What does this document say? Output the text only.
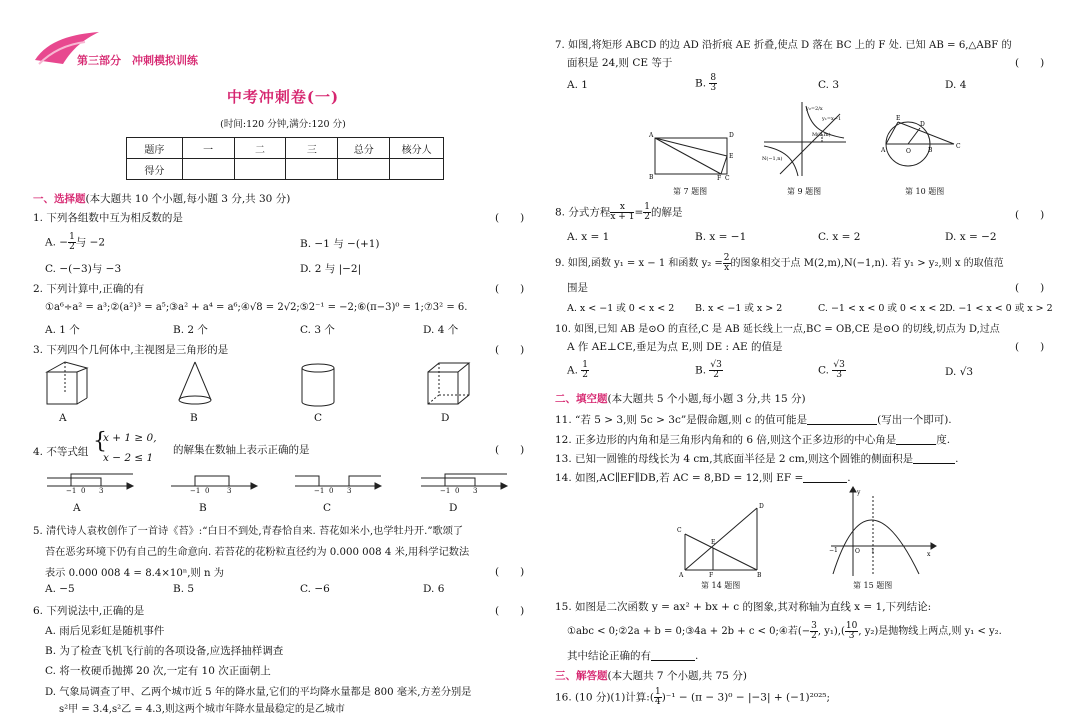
第三部分　冲刺模拟训练
中考冲刺卷(一)
(时间:120 分钟,满分:120 分)
题序	一	二	三	总分	核分人
得分					
一、选择题(本大题共 10 个小题,每小题 3 分,共 30 分)
1. 下列各组数中互为相反数的是	(　　)
A. − $\frac{1}{2}$ 与 −2	B. −1 与 −(+1)
C. −(−3)与 −3	D. 2 与 |−2|
2. 下列计算中,正确的有	(　　)
①a⁶÷a² = a³;②(a²)³ = a⁵;③a² + a⁴ = a⁶;④√8 = 2√2;⑤2⁻¹ = −2;⑥(π−3)⁰ = 1;⑦3² = 6.
A. 1 个	B. 2 个	C. 3 个	D. 4 个
3. 下列四个几何体中,主视图是三角形的是	(　　)
A	B	C	D
4. 不等式组 {
x + 1 ≥ 0,
x − 2 ≤ 1
的解集在数轴上表示正确的是	(　　)
−1 0 3	−1 0	3	−1 0 3	−1 0 3
A	B	C	D
5. 清代诗人袁枚创作了一首诗《苔》:“白日不到处,青春恰自来. 苔花如米小,也学牡丹开.”歌颂了
苔在恶劣环境下仍有自己的生命意向. 若苔花的花粉粒直径约为 0.000 008 4 米,用科学记数法
表示 0.000 008 4 = 8.4×10ⁿ,则 n 为	(　　)
A. −5	B. 5	C. −6	D. 6
6. 下列说法中,正确的是	(　　)
A. 雨后见彩虹是随机事件
B. 为了检查飞机飞行前的各项设备,应选择抽样调查
C. 将一枚硬币抛掷 20 次,一定有 10 次正面朝上
D. 气象局调查了甲、乙两个城市近 5 年的降水量,它们的平均降水量都是 800 毫米,方差分别是
s²甲 = 3.4,s²乙 = 4.3,则这两个城市年降水量最稳定的是乙城市
7. 如图,将矩形 ABCD 的边 AD 沿折痕 AE 折叠,使点 D 落在 BC 上的 F 处. 已知 AB = 6,△ABF 的
面积是 24,则 CE 等于	(　　)
A. 1	B. $\frac{8}{3}$	C. 3	D. 4
A	D
B	F C
E
y₂=2/x
y₁=x−1
M(2,m)
N(−1,n)
E
D
A	O	B
C
第 7 题图	第 9 题图	第 10 题图
8. 分式方程 $\frac{x}{x + 1} = \frac{1}{2}$ 的解是	(　　)
A. x = 1	B. x = −1	C. x = 2	D. x = −2
9. 如图,函数 y₁ = x − 1 和函数 $y_2 = \frac{2}{x}$ 的图象相交于点 M(2,m),N(−1,n). 若 y₁ > y₂,则 x 的取值范
围是	(　　)
A. x < −1 或 0 < x < 2 B. x < −1 或 x > 2	C. −1 < x < 0 或 0 < x < 2 D. −1 < x < 0 或 x > 2
10. 如图,已知 AB 是⊙O 的直径,C 是 AB 延长线上一点,BC = OB,CE 是⊙O 的切线,切点为 D,过点
A 作 AE⊥CE,垂足为点 E,则 DE : AE 的值是	(　　)
A. $\frac{1}{2}$	B. $\frac{√3}{2}$	C. $\frac{√3}{3}$	D. √3
二、填空题(本大题共 5 个小题,每小题 3 分,共 15 分)
11. “若 5 > 3,则 5c > 3c”是假命题,则 c 的值可能是	(写出一个即可).
12. 正多边形的内角和是三角形内角和的 6 倍,则这个正多边形的中心角是	度.
13. 已知一圆锥的母线长为 4 cm,其底面半径是 2 cm,则这个圆锥的侧面积是	.
14. 如图,AC∥EF∥DB,若 AC = 8,BD = 12,则 EF =	.
C
D
E
A	F	B
y
−1	O 1	x
第 14 题图	第 15 题图
15. 如图是二次函数 y = ax² + bx + c 的图象,其对称轴为直线 x = 1,下列结论:
①abc < 0;②2a + b = 0;③4a + 2b + c < 0;④若(− $\frac{3}{2}$ , $y_1),( \frac{10}{3}$ , y₂)是抛物线上两点,则 y₁ < y₂.
其中结论正确的有	.
三、解答题(本大题共 7 个小题,共 75 分)
16. (10 分)(1)计算:( $\frac{1}{4} )^{-1} - (\pi - 3)^0 - |-3| + (-1)^{2025}$;
